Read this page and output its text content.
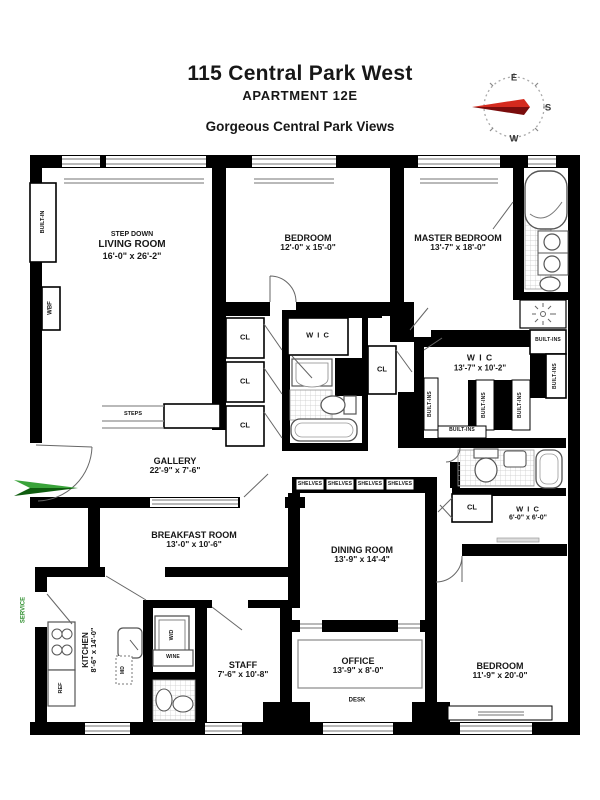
115 Central Park West

APARTMENT 12E

Gorgeous Central Park Views

STEP DOWN
LIVING ROOM
16'-0" x 26'-2"
BEDROOM
12'-0" x 15'-0"
MASTER BEDROOM
13'-7" x 18'-0"
BUILT-IN
WBF
CL
CL
CL
W I C
CL
STEPS
GALLERY
22'-9" x 7'-6"
W I C
13'-7" x 10'-2"
BUILT-INS
BUILT-INS
BUILT-INS	BUILT-INS	BUILT-INS
BUILT-INS
CL	W I C
6'-0" x 6'-0"
BREAKFAST ROOM
13'-0" x 10'-6"
SERVICE
KITCHEN 8'-6" x 14'-0"
REF
MD
W/D
WINE
STAFF
7'-6" x 10'-8"
DINING ROOM
13'-9" x 14'-4"
SHELVES SHELVES SHELVES SHELVES
OFFICE
13'-9" x 8'-0"
DESK
BEDROOM
11'-9" x 20'-0"
E
S
W
